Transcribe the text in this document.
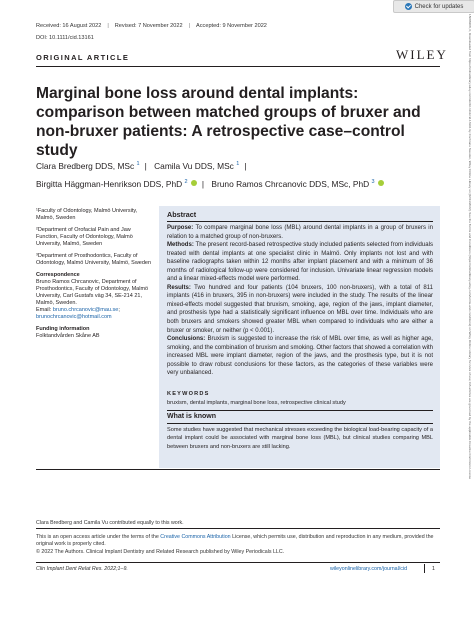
Received: 16 August 2022 | Revised: 7 November 2022 | Accepted: 9 November 2022
DOI: 10.1111/cid.13161
Check for updates
ORIGINAL ARTICLE	WILEY
Marginal bone loss around dental implants: comparison between matched groups of bruxer and non-bruxer patients: A retrospective case–control study
Clara Bredberg DDS, MSc $^1$ | Camila Vu DDS, MSc $^1$ |
Birgitta Häggman-Henrikson DDS, PhD $^2$ | Bruno Ramos Chrcanovic DDS, MSc, PhD $^3$

¹Faculty of Odontology, Malmö University, Malmö, Sweden

²Department of Orofacial Pain and Jaw Function, Faculty of Odontology, Malmö University, Malmö, Sweden

³Department of Prosthodontics, Faculty of Odontology, Malmö University, Malmö, Sweden

Correspondence

Bruno Ramos Chrcanovic, Department of Prosthodontics, Faculty of Odontology, Malmö University, Carl Gustafs väg 34, SE-214 21, Malmö, Sweden.

Email: bruno.chrcanovic@mau.se;

brunochrcanovic@hotmail.com

Funding information

Folktandvården Skåne AB

Abstract

Purpose: To compare marginal bone loss (MBL) around dental implants in a group of bruxers in relation to a matched group of non-bruxers.

Methods: The present record-based retrospective study included patients selected from individuals treated with dental implants at one specialist clinic in Malmö. Only implants not lost and with baseline radiographs taken within 12 months after implant placement and with a minimum of 36 months of radiological follow-up were considered for inclusion. Univariate linear regression models and a linear mixed-effects model were performed.

Results: Two hundred and four patients (104 bruxers, 100 non-bruxers), with a total of 811 implants (416 in bruxers, 395 in non-bruxers) were included in the study. The results of the linear mixed-effects model suggested that bruxism, smoking, age, region of the jaws, implant diameter, and prosthesis type had a statistically significant influence on MBL over time. Individuals who are both bruxers and smokers showed greater MBL when compared to individuals who are either a bruxer or smoker, or neither (p < 0.001).

Conclusions: Bruxism is suggested to increase the risk of MBL over time, as well as higher age, smoking, and the combination of bruxism and smoking. Other factors that showed a correlation with increased MBL were implant diameter, region of the jaws, and the prosthesis type, but it is not possible to draw robust conclusions for these factors, as the categories of these variables were very unbalanced.

KEYWORDS
bruxism, dental implants, marginal bone loss, retrospective clinical study
What is known
Some studies have suggested that mechanical stresses exceeding the biological load-bearing capacity of a dental implant could be associated with marginal bone loss (MBL), but clinical studies comparing MBL between bruxers and non-bruxers are still lacking.
Clara Bredberg and Camila Vu contributed equally to this work.
This is an open access article under the terms of the Creative Commons Attribution License, which permits use, distribution and reproduction in any medium, provided the original work is properly cited.
© 2022 The Authors. Clinical Implant Dentistry and Related Research published by Wiley Periodicals LLC.
Clin Implant Dent Relat Res. 2022;1–9.	wileyonlinelibrary.com/journal/cid	1
15088208, 0, Downloaded from https://onlinelibrary.wiley.com/doi/10.1111/cid.13161 by Cochrane Sweden, Wiley Online Library on [22/11/2022]. See the Terms and Conditions (https://onlinelibrary.wiley.com/terms-and-conditions) on Wiley Online Library for rules of use; OA articles are governed by the applicable Creative Commons License
